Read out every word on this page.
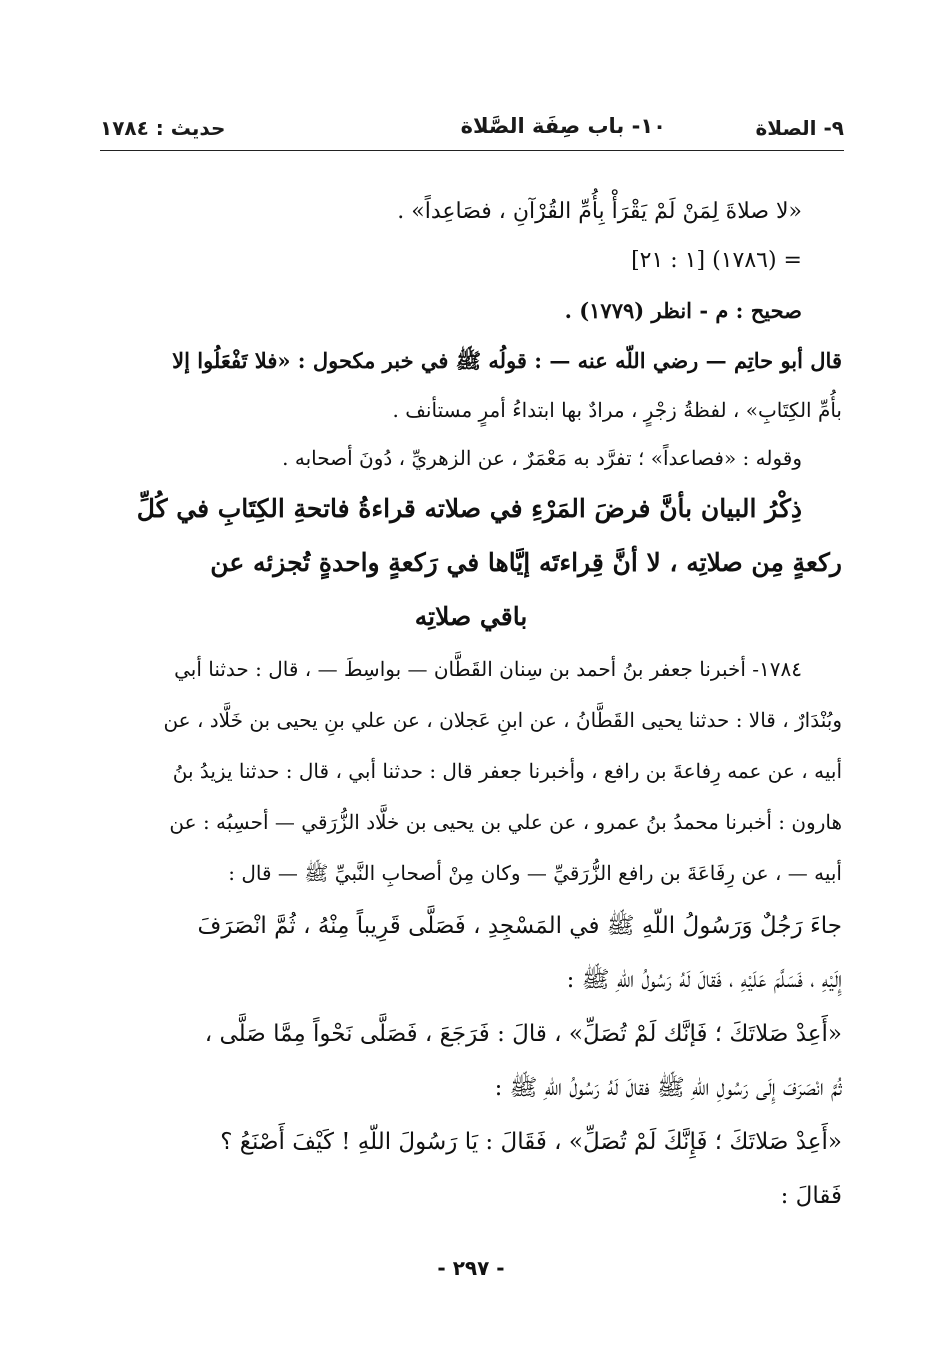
٩- الصلاة
١٠- باب صِفَة الصَّلاة
حديث : ١٧٨٤
«لا صلاةَ لِمَنْ لَمْ يَقْرَأْ بِأُمِّ القُرْآنِ ، فصَاعِداً» .
= (١٧٨٦) [١ : ٢١]
صحيح : م - انظر (١٧٧٩) .
قال أبو حاتِم — رضي اللّه عنه — : قولُه ﷺ في خبر مكحول : «فلا تَفْعَلُوا إلا
بأُمِّ الكِتَابِ» ، لفظةُ زجْرٍ ، مرادٌ بها ابتداءُ أمرٍ مستأنف .
وقوله : «فصاعداً» ؛ تفرَّد به مَعْمَرٌ ، عن الزهريِّ ، دُونَ أصحابه .
ذِكْرُ البيان بأنَّ فرضَ المَرْءِ في صلاته قراءةُ فاتحةِ الكِتَابِ في كُلِّ
ركعةٍ مِن صلاتِه ، لا أنَّ قِراءتَه إيَّاها في رَكعةٍ واحدةٍ تُجزئه عن
باقي صلاتِه
١٧٨٤- أخبرنا جعفر بنُ أحمد بن سِنان القَطَّان — بواسِطَ — ، قال : حدثنا أبي
وبُنْدَارٌ ، قالا : حدثنا يحيى القَطَّانُ ، عن ابنِ عَجلان ، عن علي بنِ يحيى بن خَلَّاد ، عن
أبيه ، عن عمه رِفاعةَ بن رافع ، وأخبرنا جعفر قال : حدثنا أبي ، قال : حدثنا يزيدُ بنُ
هارون : أخبرنا محمدُ بنُ عمرو ، عن علي بن يحيى بن خلَّاد الزُّرَقي — أحسِبُه : عن
أبيه — ، عن رِفَاعَةَ بن رافع الزُّرَقيِّ — وكان مِنْ أصحابِ النَّبيِّ ﷺ — قال :
جاءَ رَجُلٌ وَرَسُولُ اللّهِ ﷺ في المَسْجِدِ ، فَصَلَّى قَرِيباً مِنْهُ ، ثُمَّ انْصَرَفَ
إِلَيْهِ ، فَسَلَّمَ عَلَيْهِ ، فَقالَ لَهُ رَسُولُ اللّهِ ﷺ :
«أَعِدْ صَلاتَكَ ؛ فَإنَّك لَمْ تُصَلِّ» ، قالَ : فَرَجَعَ ، فَصَلَّى نَحْواً مِمَّا صَلَّى ،
ثُمَّ انْصَرَفَ إِلَى رَسُولِ اللّهِ ﷺ فقالَ لَهُ رَسُولُ اللّهِ ﷺ :
«أَعِدْ صَلاتَكَ ؛ فَإِنَّكَ لَمْ تُصَلِّ» ، فَقَالَ : يَا رَسُولَ اللّهِ ! كَيْفَ أَصْنَعُ ؟
فَقالَ :
- ٢٩٧ -
